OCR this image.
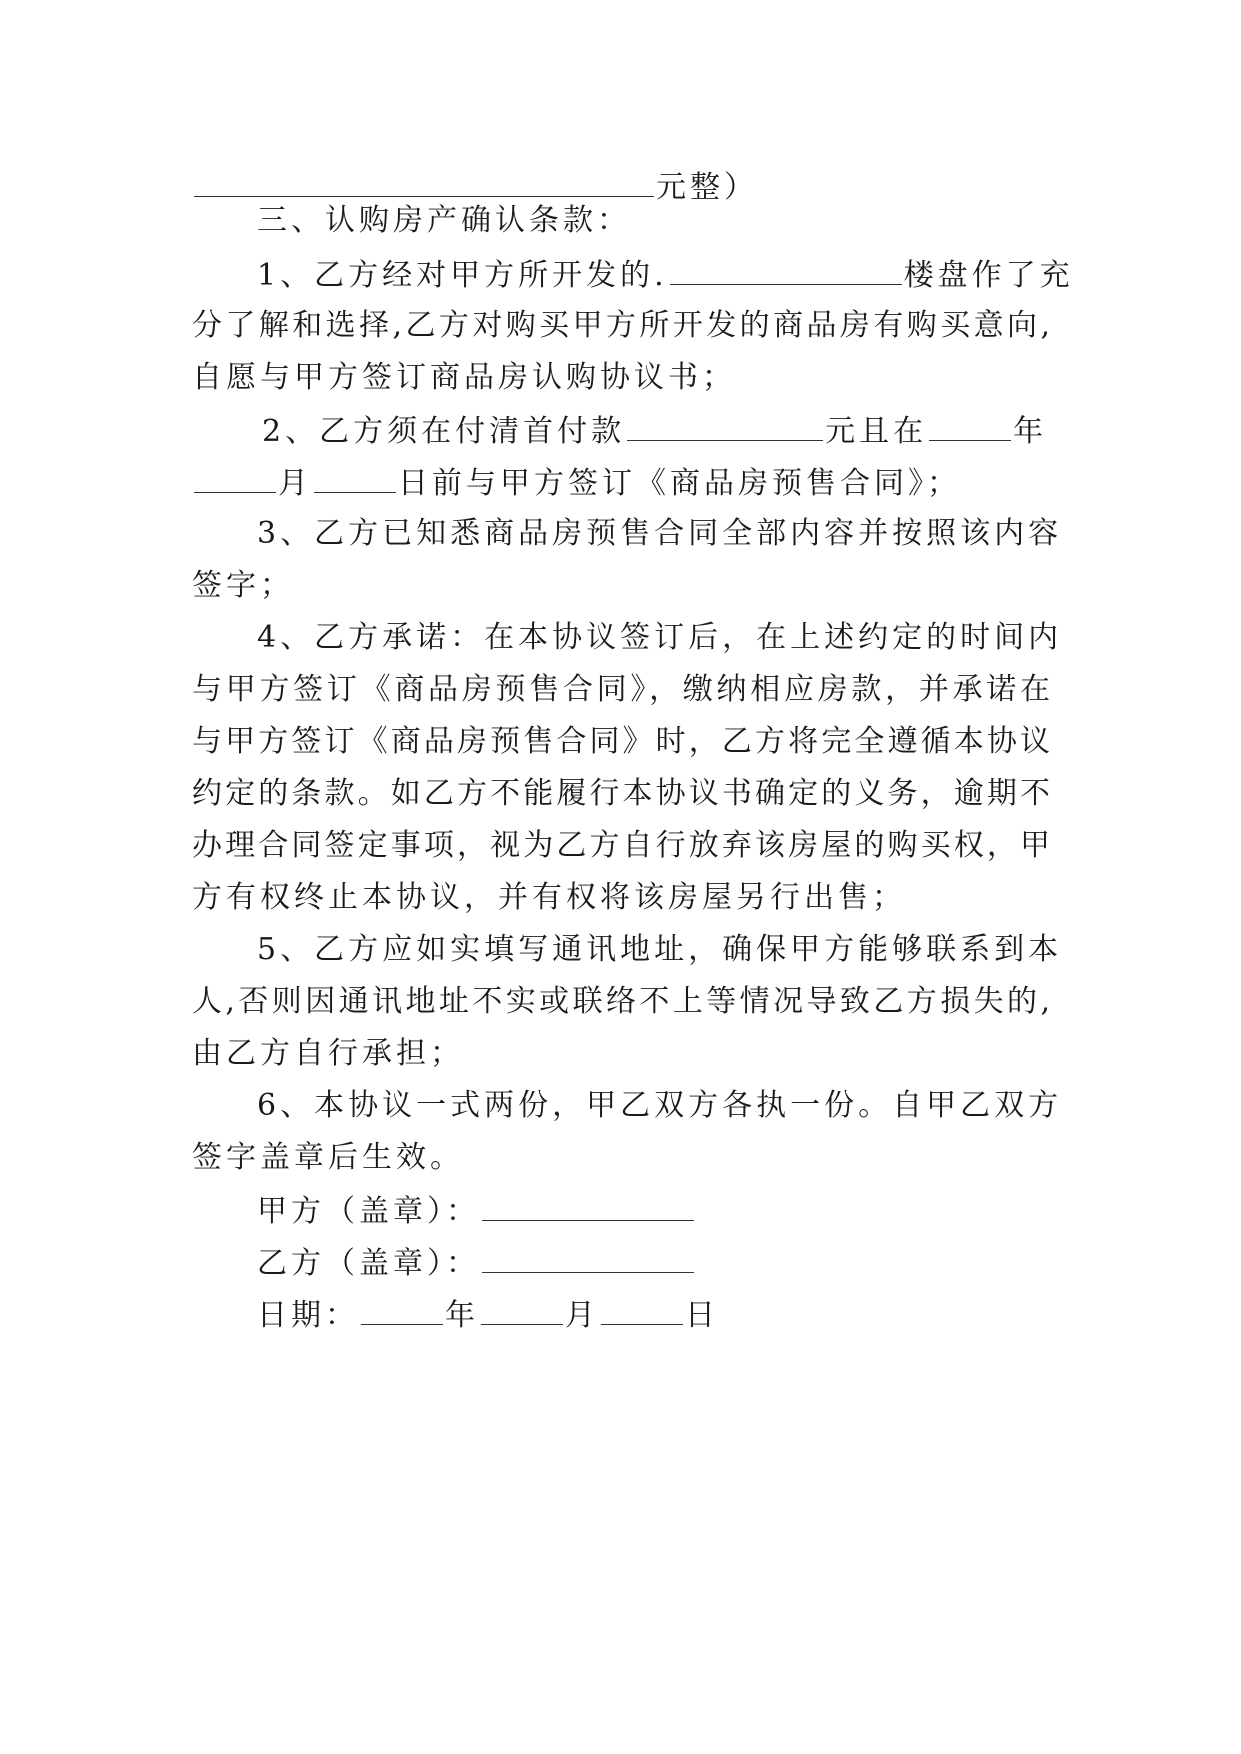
元整）
三、认购房产确认条款：
1、乙方经对甲方所开发的.	楼盘作了充
分了解和选择,乙方对购买甲方所开发的商品房有购买意向,
自愿与甲方签订商品房认购协议书；
2、乙方须在付清首付款	元且在	年
月	日前与甲方签订《商品房预售合同》；
3、乙方已知悉商品房预售合同全部内容并按照该内容
签字；
4、乙方承诺：在本协议签订后，在上述约定的时间内
与甲方签订《商品房预售合同》，缴纳相应房款，并承诺在
与甲方签订《商品房预售合同》时，乙方将完全遵循本协议
约定的条款。如乙方不能履行本协议书确定的义务，逾期不
办理合同签定事项，视为乙方自行放弃该房屋的购买权，甲
方有权终止本协议，并有权将该房屋另行出售；
5、乙方应如实填写通讯地址，确保甲方能够联系到本
人,否则因通讯地址不实或联络不上等情况导致乙方损失的,
由乙方自行承担；
6、本协议一式两份，甲乙双方各执一份。自甲乙双方
签字盖章后生效。
甲方（盖章）：
乙方（盖章）：
日期：	年	月	日
